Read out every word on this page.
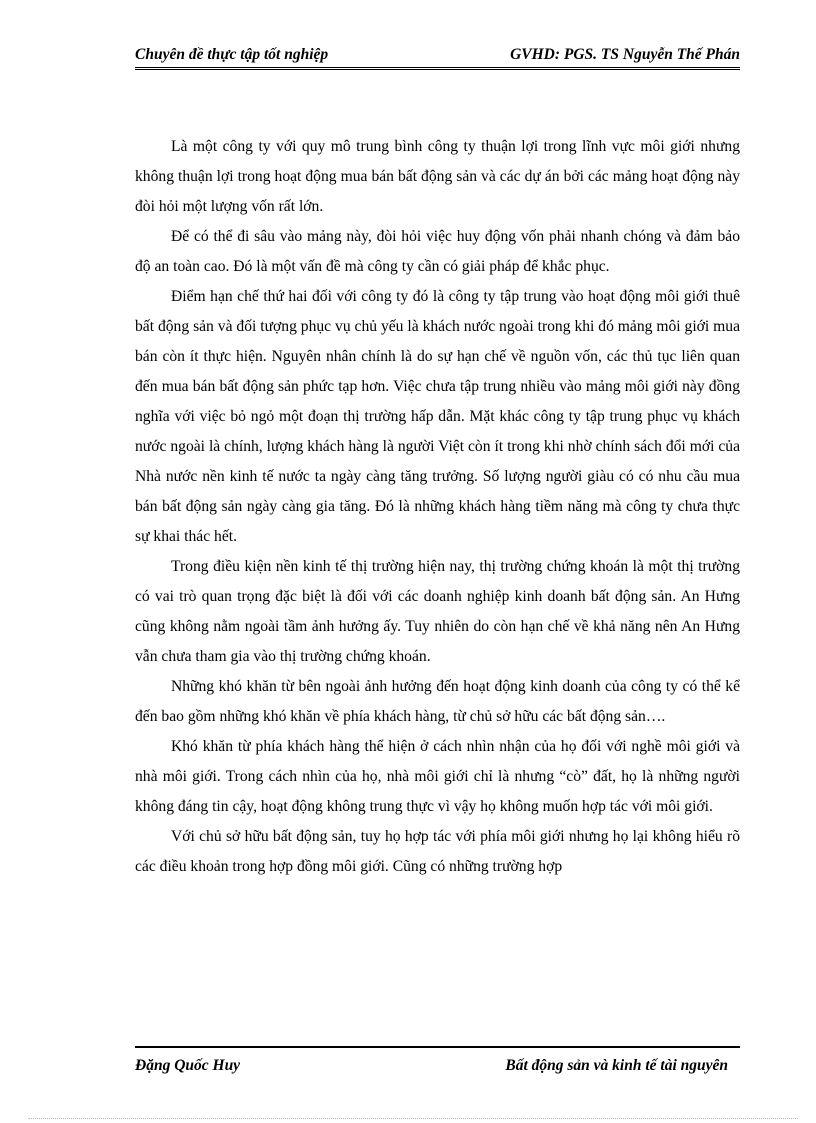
Chuyên đề thực tập tốt nghiệp	GVHD: PGS. TS Nguyễn Thế Phán

Là một công ty với quy mô trung bình công ty thuận lợi trong lĩnh vực môi giới nhưng không thuận lợi trong hoạt động mua bán bất động sản và các dự án bởi các mảng hoạt động này đòi hỏi một lượng vốn rất lớn.

Để có thể đi sâu vào mảng này, đòi hỏi việc huy động vốn phải nhanh chóng và đảm bảo độ an toàn cao. Đó là một vấn đề mà công ty cần có giải pháp để khắc phục.

Điểm hạn chế thứ hai đối với công ty đó là công ty tập trung vào hoạt động môi giới thuê bất động sản và đối tượng phục vụ chủ yếu là khách nước ngoài trong khi đó mảng môi giới mua bán còn ít thực hiện. Nguyên nhân chính là do sự hạn chế về nguồn vốn, các thủ tục liên quan đến mua bán bất động sản phức tạp hơn. Việc chưa tập trung nhiều vào mảng môi giới này đồng nghĩa với việc bỏ ngỏ một đoạn thị trường hấp dẫn. Mặt khác công ty tập trung phục vụ khách nước ngoài là chính, lượng khách hàng là người Việt còn ít trong khi nhờ chính sách đổi mới của Nhà nước nền kinh tế nước ta ngày càng tăng trưởng. Số lượng người giàu có có nhu cầu mua bán bất động sản ngày càng gia tăng. Đó là những khách hàng tiềm năng mà công ty chưa thực sự khai thác hết.

Trong điều kiện nền kinh tế thị trường hiện nay, thị trường chứng khoán là một thị trường có vai trò quan trọng đặc biệt là đối với các doanh nghiệp kinh doanh bất động sản. An Hưng cũng không nằm ngoài tầm ảnh hưởng ấy. Tuy nhiên do còn hạn chế về khả năng nên An Hưng vẫn chưa tham gia vào thị trường chứng khoán.

Những khó khăn từ bên ngoài ảnh hưởng đến hoạt động kinh doanh của công ty có thể kể đến bao gồm những khó khăn về phía khách hàng, từ chủ sở hữu các bất động sản….

Khó khăn từ phía khách hàng thể hiện ở cách nhìn nhận của họ đối với nghề môi giới và nhà môi giới. Trong cách nhìn của họ, nhà môi giới chỉ là nhưng “cò” đất, họ là những người không đáng tin cậy, hoạt động không trung thực vì vậy họ không muốn hợp tác với môi giới.

Với chủ sở hữu bất động sản, tuy họ hợp tác với phía môi giới nhưng họ lại không hiểu rõ các điều khoản trong hợp đồng môi giới. Cũng có những trường hợp

Đặng Quốc Huy	Bất động sản và kinh tế tài nguyên
